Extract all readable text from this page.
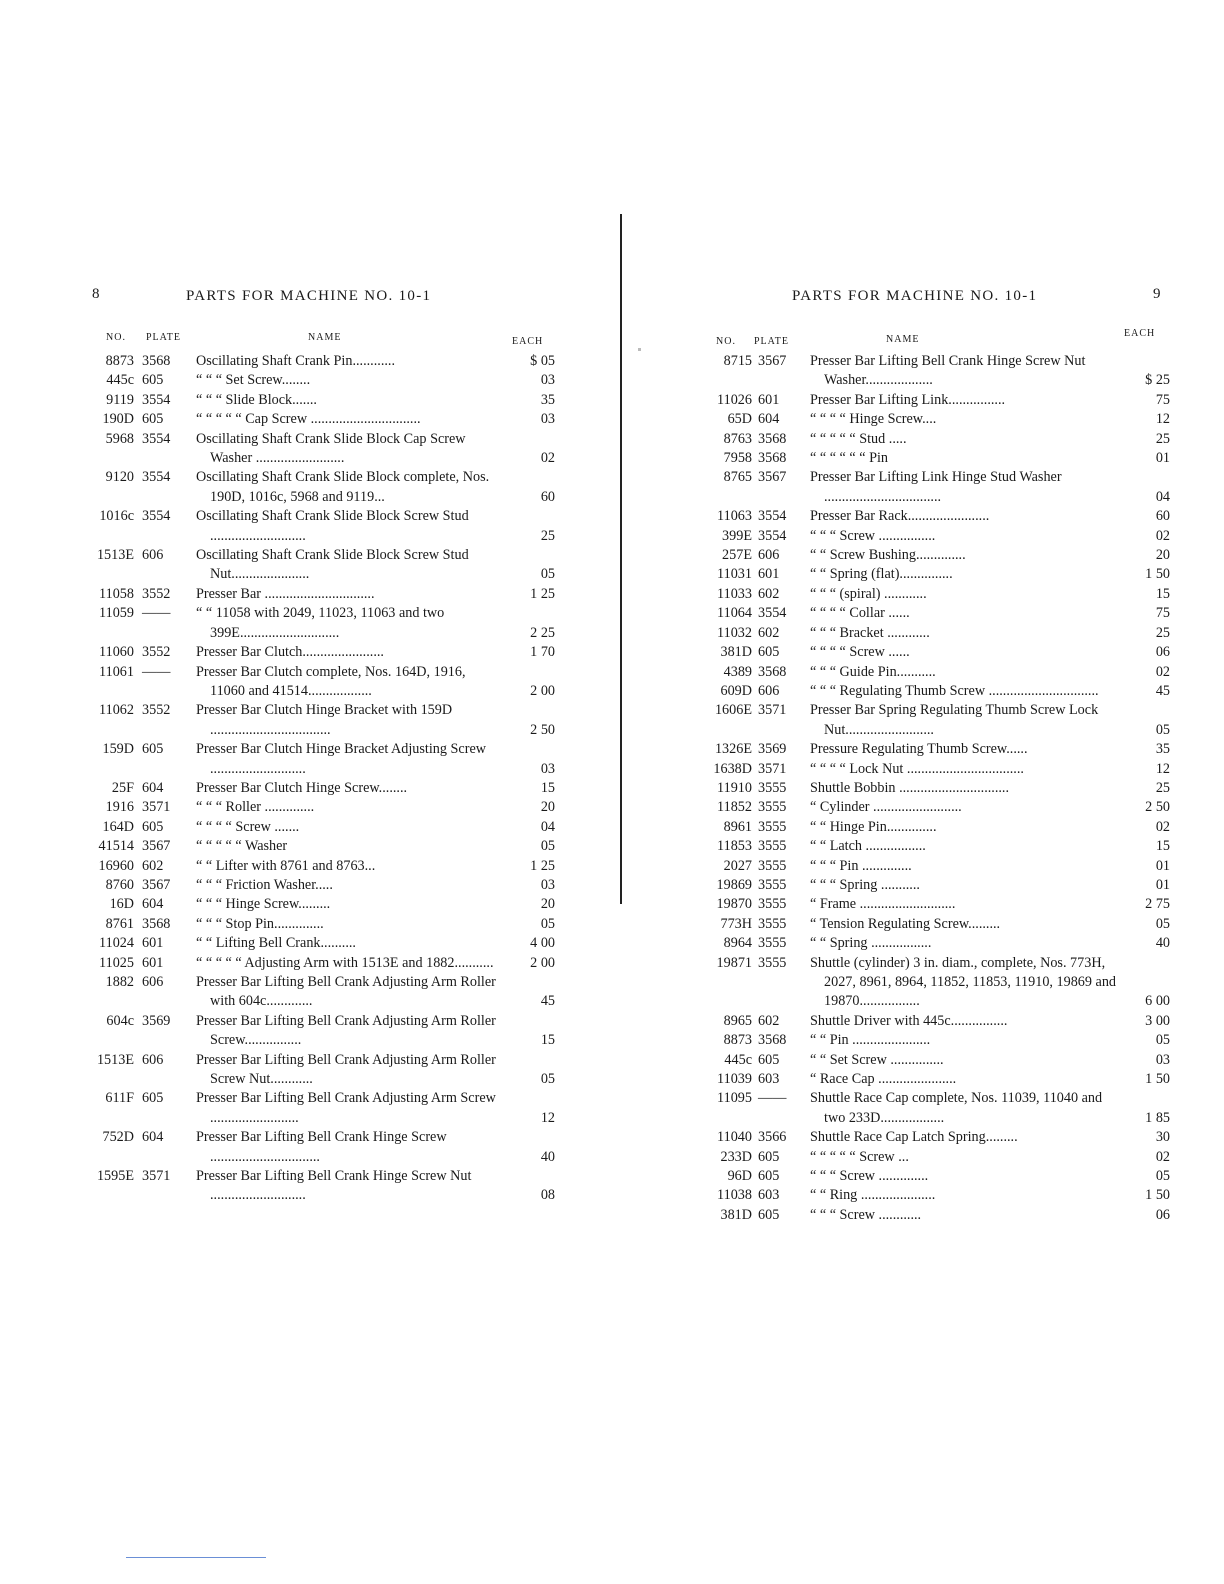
8	PARTS FOR MACHINE NO. 10-1
NO. PLATE	NAME	EACH
8873 3568	Oscillating Shaft Crank Pin............	$ 05
445c 605	“ “ “ Set Screw........	03
9119 3554	“ “ “ Slide Block.......	35
190D 605	“ “ “ “ “ Cap Screw ...............................	03
5968 3554	Oscillating Shaft Crank Slide Block Cap Screw Washer .........................	02
9120 3554	Oscillating Shaft Crank Slide Block complete, Nos. 190D, 1016c, 5968 and 9119...	60
1016c 3554	Oscillating Shaft Crank Slide Block Screw Stud ...........................	25
1513E 606	Oscillating Shaft Crank Slide Block Screw Stud Nut......................	05
11058 3552	Presser Bar ...............................	1 25
11059 ——	“ “ 11058 with 2049, 11023, 11063 and two 399E............................	2 25
11060 3552	Presser Bar Clutch.......................	1 70
11061 ——	Presser Bar Clutch complete, Nos. 164D, 1916, 11060 and 41514..................	2 00
11062 3552	Presser Bar Clutch Hinge Bracket with 159D ..................................	2 50
159D 605	Presser Bar Clutch Hinge Bracket Adjusting Screw ...........................	03
25F 604	Presser Bar Clutch Hinge Screw........	15
1916 3571	“ “ “ Roller ..............	20
164D 605	“ “ “ “ Screw .......	04
41514 3567	“ “ “ “ “ Washer	05
16960 602	“ “ Lifter with 8761 and 8763...	1 25
8760 3567	“ “ “ Friction Washer.....	03
16D 604	“ “ “ Hinge Screw.........	20
8761 3568	“ “ “ Stop Pin..............	05
11024 601	“ “ Lifting Bell Crank..........	4 00
11025 601	“ “ “ “ “ Adjusting Arm with 1513E and 1882...........	2 00
1882 606	Presser Bar Lifting Bell Crank Adjusting Arm Roller with 604c.............	45
604c 3569	Presser Bar Lifting Bell Crank Adjusting Arm Roller Screw................	15
1513E 606	Presser Bar Lifting Bell Crank Adjusting Arm Roller Screw Nut............	05
611F 605	Presser Bar Lifting Bell Crank Adjusting Arm Screw .........................	12
752D 604	Presser Bar Lifting Bell Crank Hinge Screw ...............................	40
1595E 3571	Presser Bar Lifting Bell Crank Hinge Screw Nut ...........................	08
9
PARTS FOR MACHINE NO. 10-1
NO. PLATE	NAME
EACH
8715 3567	Presser Bar Lifting Bell Crank Hinge Screw Nut Washer...................	$ 25
11026 601	Presser Bar Lifting Link................	75
65D 604	“ “ “ “ Hinge Screw....	12
8763 3568	“ “ “ “ “ Stud .....	25
7958 3568	“ “ “ “ “ “ Pin	01
8765 3567	Presser Bar Lifting Link Hinge Stud Washer .................................	04
11063 3554	Presser Bar Rack.......................	60
399E 3554	“ “ “ Screw ................	02
257E 606	“ “ Screw Bushing..............	20
11031 601	“ “ Spring (flat)...............	1 50
11033 602	“ “ “ (spiral) ............	15
11064 3554	“ “ “ “ Collar ......	75
11032 602	“ “ “ Bracket ............	25
381D 605	“ “ “ “ Screw ......	06
4389 3568	“ “ “ Guide Pin...........	02
609D 606	“ “ “ Regulating Thumb Screw ...............................	45
1606E 3571	Presser Bar Spring Regulating Thumb Screw Lock Nut.........................	05
1326E 3569	Pressure Regulating Thumb Screw......	35
1638D 3571	“ “ “ “ Lock Nut .................................	12
11910 3555	Shuttle Bobbin ...............................	25
11852 3555	“ Cylinder .........................	2 50
8961 3555	“ “ Hinge Pin..............	02
11853 3555	“ “ Latch .................	15
2027 3555	“ “ “ Pin ..............	01
19869 3555	“ “ “ Spring ...........	01
19870 3555	“ Frame ...........................	2 75
773H 3555	“ Tension Regulating Screw.........	05
8964 3555	“ “ Spring .................	40
19871 3555	Shuttle (cylinder) 3 in. diam., complete, Nos. 773H, 2027, 8961, 8964, 11852, 11853, 11910, 19869 and 19870.................	6 00
8965 602	Shuttle Driver with 445c................	3 00
8873 3568	“ “ Pin ......................	05
445c 605	“ “ Set Screw ...............	03
11039 603	“ Race Cap ......................	1 50
11095 ——	Shuttle Race Cap complete, Nos. 11039, 11040 and two 233D..................	1 85
11040 3566	Shuttle Race Cap Latch Spring.........	30
233D 605	“ “ “ “ “ Screw ...	02
96D 605	“ “ “ Screw ..............	05
11038 603	“ “ Ring .....................	1 50
381D 605	“ “ “ Screw ............	06
